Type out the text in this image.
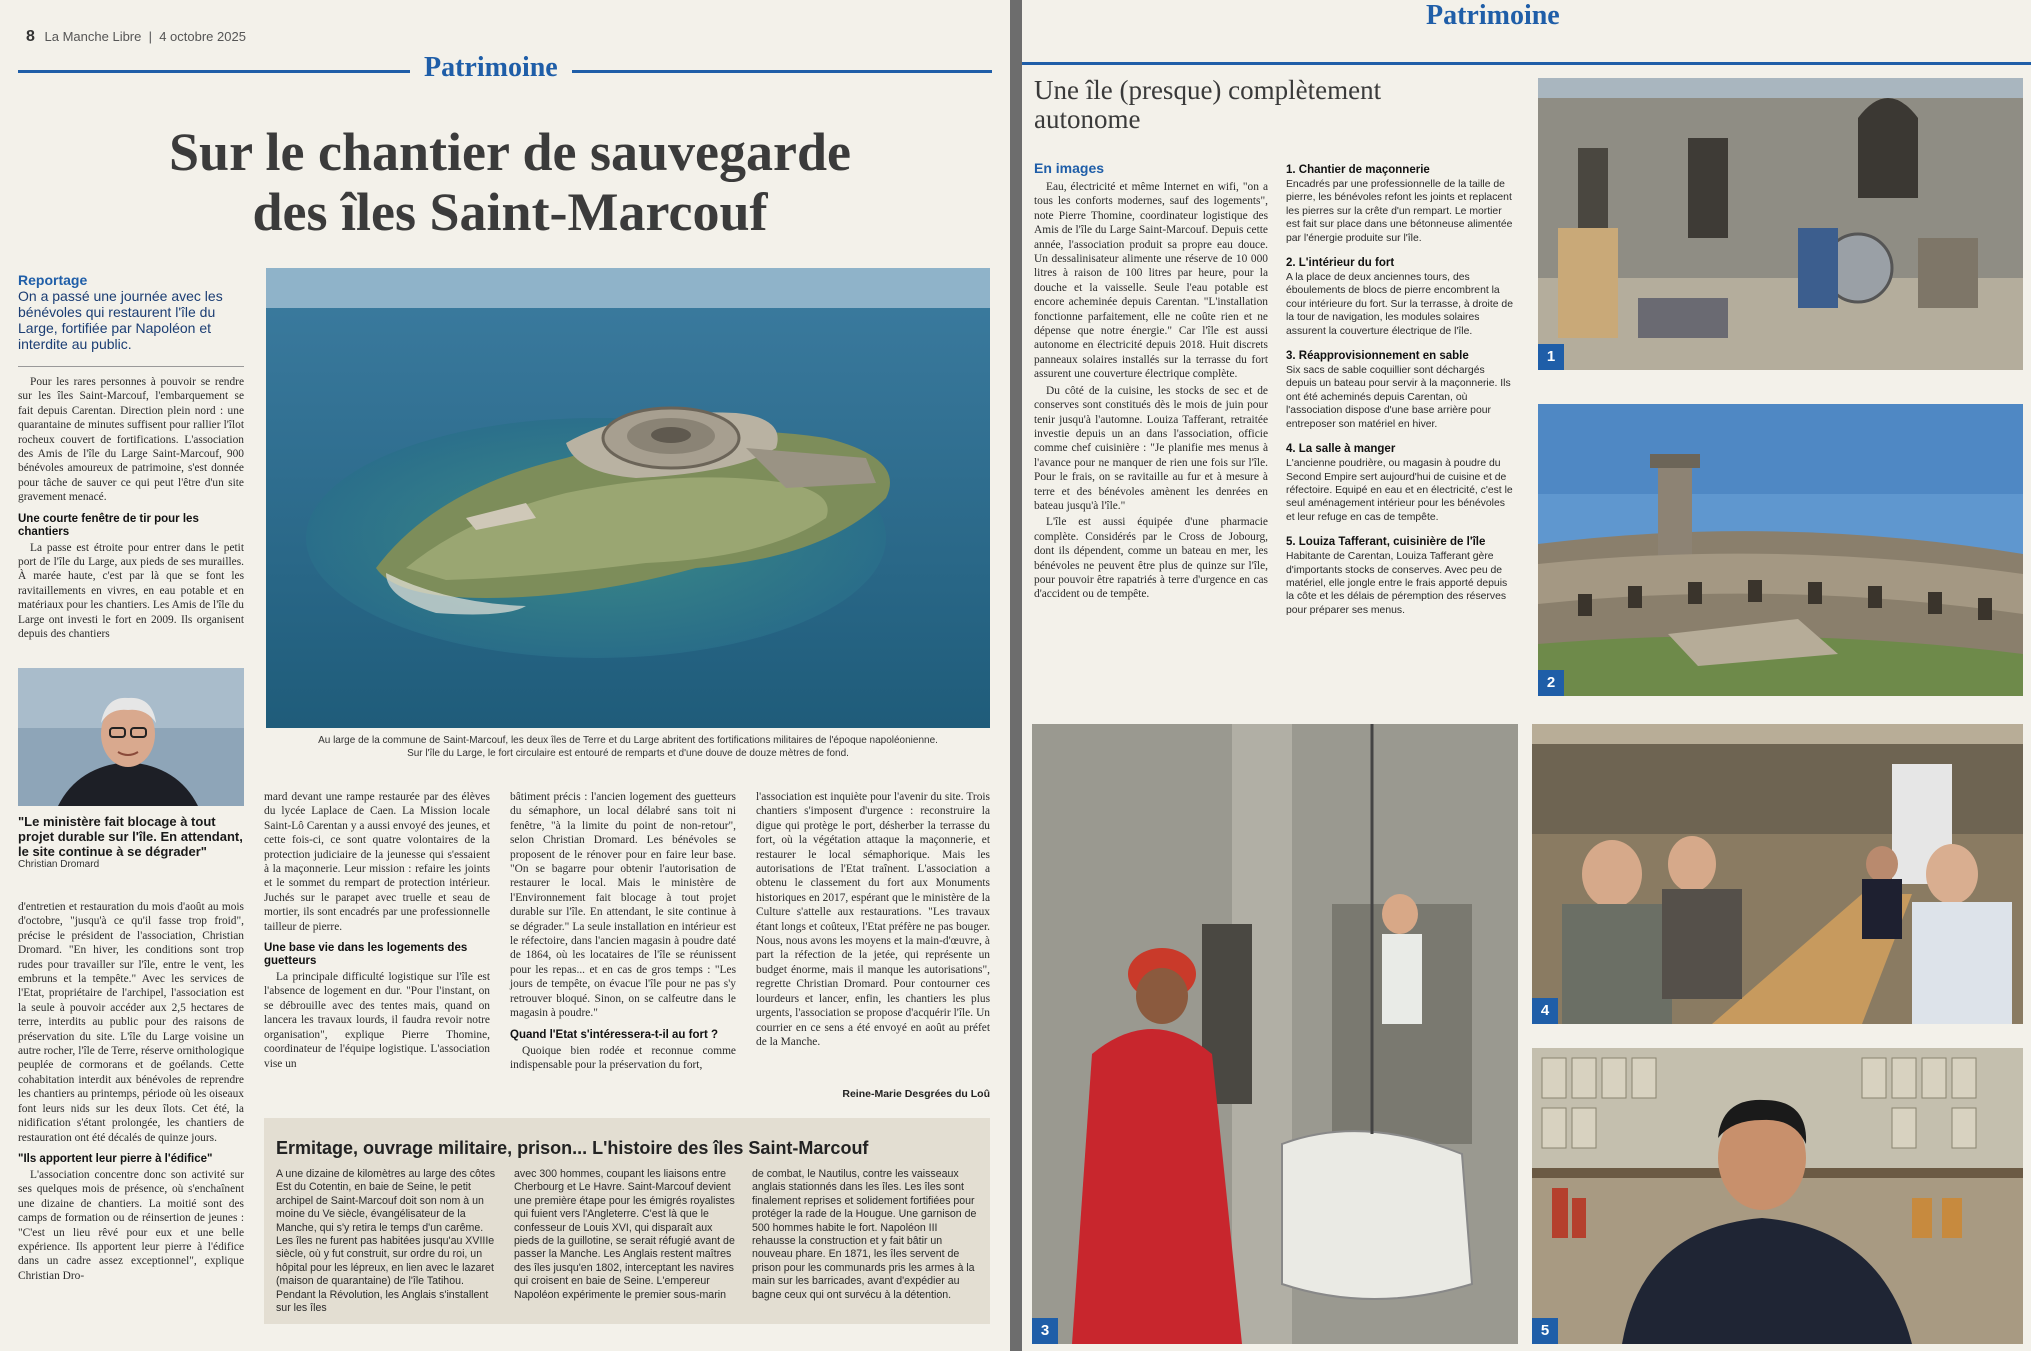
8 La Manche Libre  |  4 octobre 2025
Patrimoine
Sur le chantier de sauvegarde
des îles Saint-Marcouf
Reportage
On a passé une journée avec les bénévoles qui restaurent l'île du Large, fortifiée par Napoléon et interdite au public.

Pour les rares personnes à pouvoir se rendre sur les îles Saint-Marcouf, l'embarquement se fait depuis Carentan. Direction plein nord : une quarantaine de minutes suffisent pour rallier l'îlot rocheux couvert de fortifications. L'association des Amis de l'île du Large Saint-Marcouf, 900 bénévoles amoureux de patrimoine, s'est donnée pour tâche de sauver ce qui peut l'être d'un site gravement menacé.

Une courte fenêtre de tir pour les chantiers

La passe est étroite pour entrer dans le petit port de l'île du Large, aux pieds de ses murailles. À marée haute, c'est par là que se font les ravitaillements en vivres, en eau potable et en matériaux pour les chantiers. Les Amis de l'île du Large ont investi le fort en 2009. Ils organisent depuis des chantiers

"Le ministère fait blocage à tout projet durable sur l'île. En attendant, le site continue à se dégrader"
Christian Dromard

d'entretien et restauration du mois d'août au mois d'octobre, "jusqu'à ce qu'il fasse trop froid", précise le président de l'association, Christian Dromard. "En hiver, les conditions sont trop rudes pour travailler sur l'île, entre le vent, les embruns et la tempête." Avec les services de l'Etat, propriétaire de l'archipel, l'association est la seule à pouvoir accéder aux 2,5 hectares de terre, interdits au public pour des raisons de préservation du site. L'île du Large voisine un autre rocher, l'île de Terre, réserve ornithologique peuplée de cormorans et de goélands. Cette cohabitation interdit aux bénévoles de reprendre les chantiers au printemps, période où les oiseaux font leurs nids sur les deux îlots. Cet été, la nidification s'étant prolongée, les chantiers de restauration ont été décalés de quinze jours.

"Ils apportent leur pierre à l'édifice"

L'association concentre donc son activité sur ses quelques mois de présence, où s'enchaînent une dizaine de chantiers. La moitié sont des camps de formation ou de réinsertion de jeunes : "C'est un lieu rêvé pour eux et une belle expérience. Ils apportent leur pierre à l'édifice dans un cadre assez exceptionnel", explique Christian Dro-

Au large de la commune de Saint-Marcouf, les deux îles de Terre et du Large abritent des fortifications militaires de l'époque napoléonienne.
Sur l'île du Large, le fort circulaire est entouré de remparts et d'une douve de douze mètres de fond.

mard devant une rampe restaurée par des élèves du lycée Laplace de Caen. La Mission locale Saint-Lô Carentan y a aussi envoyé des jeunes, et cette fois-ci, ce sont quatre volontaires de la protection judiciaire de la jeunesse qui s'essaient à la maçonnerie. Leur mission : refaire les joints et le sommet du rempart de protection intérieur. Juchés sur le parapet avec truelle et seau de mortier, ils sont encadrés par une professionnelle tailleur de pierre.

Une base vie dans les logements des guetteurs

La principale difficulté logistique sur l'île est l'absence de logement en dur. "Pour l'instant, on se débrouille avec des tentes mais, quand on lancera les travaux lourds, il faudra revoir notre organisation", explique Pierre Thomine, coordinateur de l'équipe logistique. L'association vise un

bâtiment précis : l'ancien logement des guetteurs du sémaphore, un local délabré sans toit ni fenêtre, "à la limite du point de non-retour", selon Christian Dromard. Les bénévoles se proposent de le rénover pour en faire leur base. "On se bagarre pour obtenir l'autorisation de restaurer le local. Mais le ministère de l'Environnement fait blocage à tout projet durable sur l'île. En attendant, le site continue à se dégrader." La seule installation en intérieur est le réfectoire, dans l'ancien magasin à poudre daté de 1864, où les locataires de l'île se réunissent pour les repas... et en cas de gros temps : "Les jours de tempête, on évacue l'île pour ne pas s'y retrouver bloqué. Sinon, on se calfeutre dans le magasin à poudre."

Quand l'Etat s'intéressera-t-il au fort ?

Quoique bien rodée et reconnue comme indispensable pour la préservation du fort,

l'association est inquiète pour l'avenir du site. Trois chantiers s'imposent d'urgence : reconstruire la digue qui protège le port, désherber la terrasse du fort, où la végétation attaque la maçonnerie, et restaurer le local sémaphorique. Mais les autorisations de l'Etat traînent. L'association a obtenu le classement du fort aux Monuments historiques en 2017, espérant que le ministère de la Culture s'attelle aux restaurations. "Les travaux étant longs et coûteux, l'Etat préfère ne pas bouger. Nous, nous avons les moyens et la main-d'œuvre, à part la réfection de la jetée, qui représente un budget énorme, mais il manque les autorisations", regrette Christian Dromard. Pour contourner ces lourdeurs et lancer, enfin, les chantiers les plus urgents, l'association se propose d'acquérir l'île. Un courrier en ce sens a été envoyé en août au préfet de la Manche.

Reine-Marie Desgrées du Loû
Ermitage, ouvrage militaire, prison... L'histoire des îles Saint-Marcouf
A une dizaine de kilomètres au large des côtes Est du Cotentin, en baie de Seine, le petit archipel de Saint-Marcouf doit son nom à un moine du Ve siècle, évangélisateur de la Manche, qui s'y retira le temps d'un carême. Les îles ne furent pas habitées jusqu'au XVIIIe siècle, où y fut construit, sur ordre du roi, un hôpital pour les lépreux, en lien avec le lazaret (maison de quarantaine) de l'île Tatihou. Pendant la Révolution, les Anglais s'installent sur les îles
avec 300 hommes, coupant les liaisons entre Cherbourg et Le Havre. Saint-Marcouf devient une première étape pour les émigrés royalistes qui fuient vers l'Angleterre. C'est là que le confesseur de Louis XVI, qui disparaît aux pieds de la guillotine, se serait réfugié avant de passer la Manche. Les Anglais restent maîtres des îles jusqu'en 1802, interceptant les navires qui croisent en baie de Seine. L'empereur Napoléon expérimente le premier sous-marin
de combat, le Nautilus, contre les vaisseaux anglais stationnés dans les îles. Les îles sont finalement reprises et solidement fortifiées pour protéger la rade de la Hougue. Une garnison de 500 hommes habite le fort. Napoléon III rehausse la construction et y fait bâtir un nouveau phare. En 1871, les îles servent de prison pour les communards pris les armes à la main sur les barricades, avant d'expédier au bagne ceux qui ont survécu à la détention.
Patrimoine
Une île (presque) complètement
autonome
En images

Eau, électricité et même Internet en wifi, "on a tous les conforts modernes, sauf des logements", note Pierre Thomine, coordinateur logistique des Amis de l'île du Large Saint-Marcouf. Depuis cette année, l'association produit sa propre eau douce. Un dessalinisateur alimente une réserve de 10 000 litres à raison de 100 litres par heure, pour la douche et la vaisselle. Seule l'eau potable est encore acheminée depuis Carentan. "L'installation fonctionne parfaitement, elle ne coûte rien et ne dépense que notre énergie." Car l'île est aussi autonome en électricité depuis 2018. Huit discrets panneaux solaires installés sur la terrasse du fort assurent une couverture électrique complète.

Du côté de la cuisine, les stocks de sec et de conserves sont constitués dès le mois de juin pour tenir jusqu'à l'automne. Louiza Tafferant, retraitée investie depuis un an dans l'association, officie comme chef cuisinière : "Je planifie mes menus à l'avance pour ne manquer de rien une fois sur l'île. Pour le frais, on se ravitaille au fur et à mesure à terre et des bénévoles amènent les denrées en bateau jusqu'à l'île."

L'île est aussi équipée d'une pharmacie complète. Considérés par le Cross de Jobourg, dont ils dépendent, comme un bateau en mer, les bénévoles ne peuvent être plus de quinze sur l'île, pour pouvoir être rapatriés à terre d'urgence en cas d'accident ou de tempête.

1. Chantier de maçonnerie

Encadrés par une professionnelle de la taille de pierre, les bénévoles refont les joints et replacent les pierres sur la crête d'un rempart. Le mortier est fait sur place dans une bétonneuse alimentée par l'énergie produite sur l'île.

2. L'intérieur du fort

A la place de deux anciennes tours, des éboulements de blocs de pierre encombrent la cour intérieure du fort. Sur la terrasse, à droite de la tour de navigation, les modules solaires assurent la couverture électrique de l'île.

3. Réapprovisionnement en sable

Six sacs de sable coquillier sont déchargés depuis un bateau pour servir à la maçonnerie. Ils ont été acheminés depuis Carentan, où l'association dispose d'une base arrière pour entreposer son matériel en hiver.

4. La salle à manger

L'ancienne poudrière, ou magasin à poudre du Second Empire sert aujourd'hui de cuisine et de réfectoire. Equipé en eau et en électricité, c'est le seul aménagement intérieur pour les bénévoles et leur refuge en cas de tempête.

5. Louiza Tafferant, cuisinière de l'île

Habitante de Carentan, Louiza Tafferant gère d'importants stocks de conserves. Avec peu de matériel, elle jongle entre le frais apporté depuis la côte et les délais de péremption des réserves pour préparer ses menus.

1
2
3
4
5
